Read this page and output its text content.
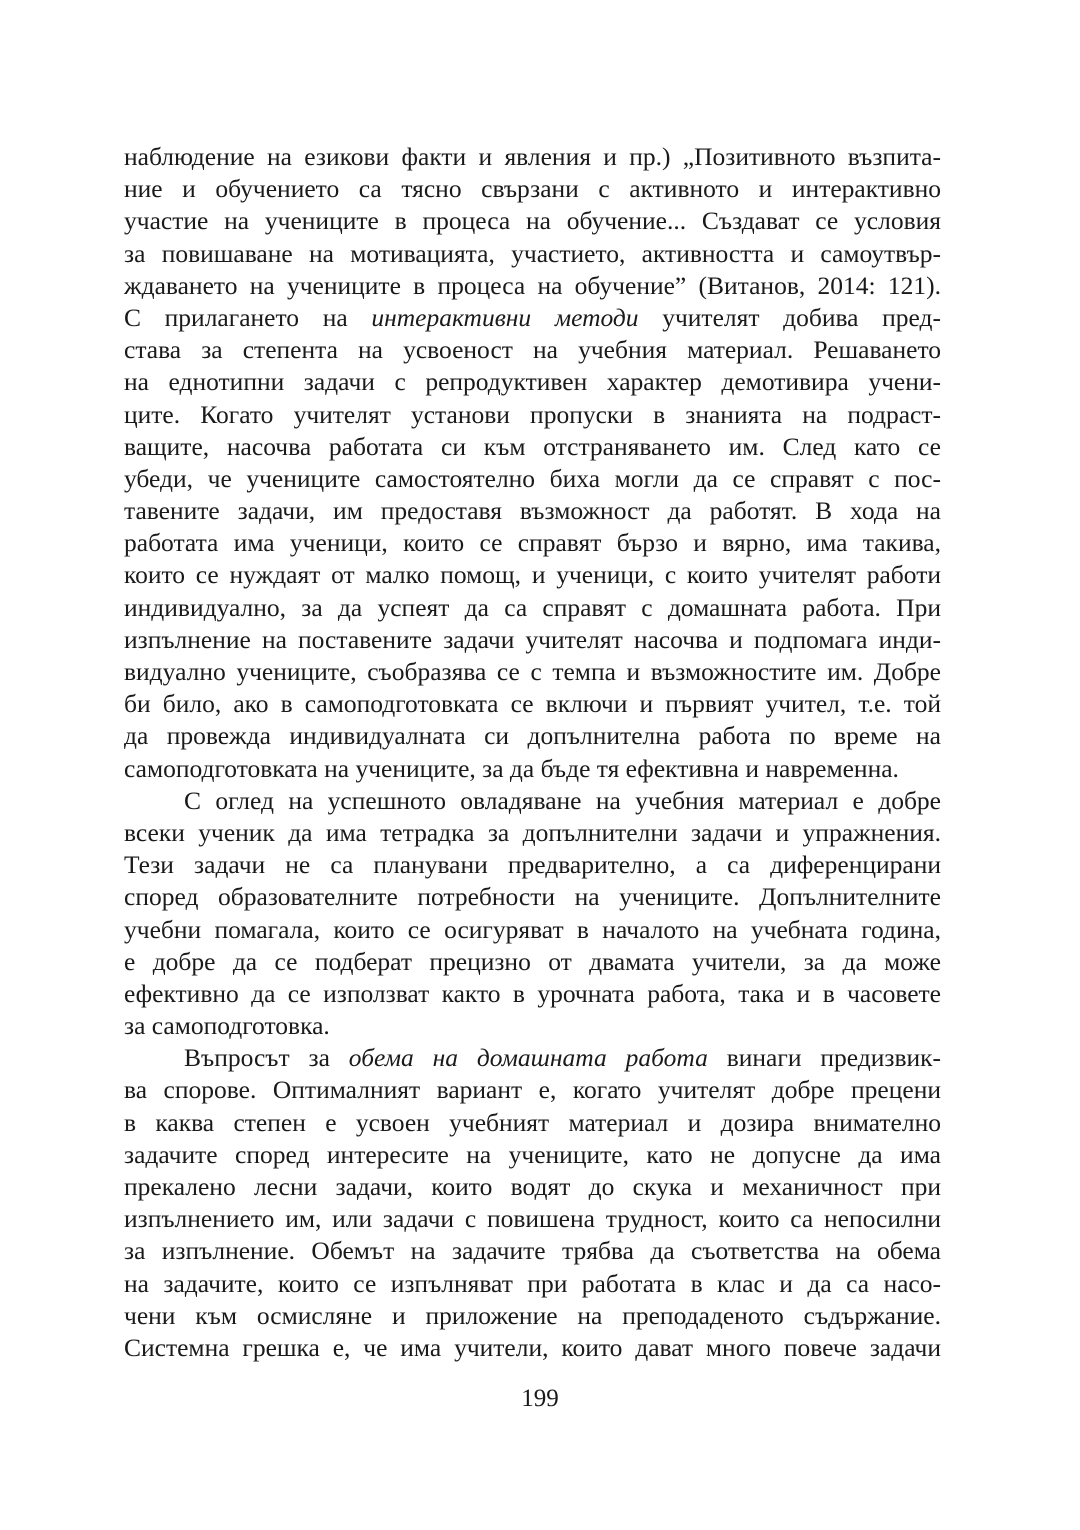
наблюдение на езикови факти и явления и пр.) „Позитивното възпита-
ние и обучението са тясно свързани с активното и интерактивно
участие на учениците в процеса на обучение... Създават се условия
за повишаване на мотивацията, участието, активността и самоутвър-
ждаването на учениците в процеса на обучение” (Витанов, 2014: 121).
С прилагането на интерактивни методи учителят добива пред-
става за степента на усвоеност на учебния материал. Решаването
на еднотипни задачи с репродуктивен характер демотивира учени-
ците. Когато учителят установи пропуски в знанията на подраст-
ващите, насочва работата си към отстраняването им. След като се
убеди, че учениците самостоятелно биха могли да се справят с пос-
тавените задачи, им предоставя възможност да работят. В хода на
работата има ученици, които се справят бързо и вярно, има такива,
които се нуждаят от малко помощ, и ученици, с които учителят работи
индивидуално, за да успеят да са справят с домашната работа. При
изпълнение на поставените задачи учителят насочва и подпомага инди-
видуално учениците, съобразява се с темпа и възможностите им. Добре
би било, ако в самоподготовката се включи и първият учител, т.е. той
да провежда индивидуалната си допълнителна работа по време на
самоподготовката на учениците, за да бъде тя ефективна и навременна.
С оглед на успешното овладяване на учебния материал е добре
всеки ученик да има тетрадка за допълнителни задачи и упражнения.
Тези задачи не са планувани предварително, а са диференцирани
според образователните потребности на учениците. Допълнителните
учебни помагала, които се осигуряват в началото на учебната година,
е добре да се подберат прецизно от двамата учители, за да може
ефективно да се използват както в урочната работа, така и в часовете
за самоподготовка.
Въпросът за обема на домашната работа винаги предизвик-
ва спорове. Оптималният вариант е, когато учителят добре прецени
в каква степен е усвоен учебният материал и дозира внимателно
задачите според интересите на учениците, като не допусне да има
прекалено лесни задачи, които водят до скука и механичност при
изпълнението им, или задачи с повишена трудност, които са непосилни
за изпълнение. Обемът на задачите трябва да съответства на обема
на задачите, които се изпълняват при работата в клас и да са насо-
чени към осмисляне и приложение на преподаденото съдържание.
Системна грешка е, че има учители, които дават много повече задачи
199
